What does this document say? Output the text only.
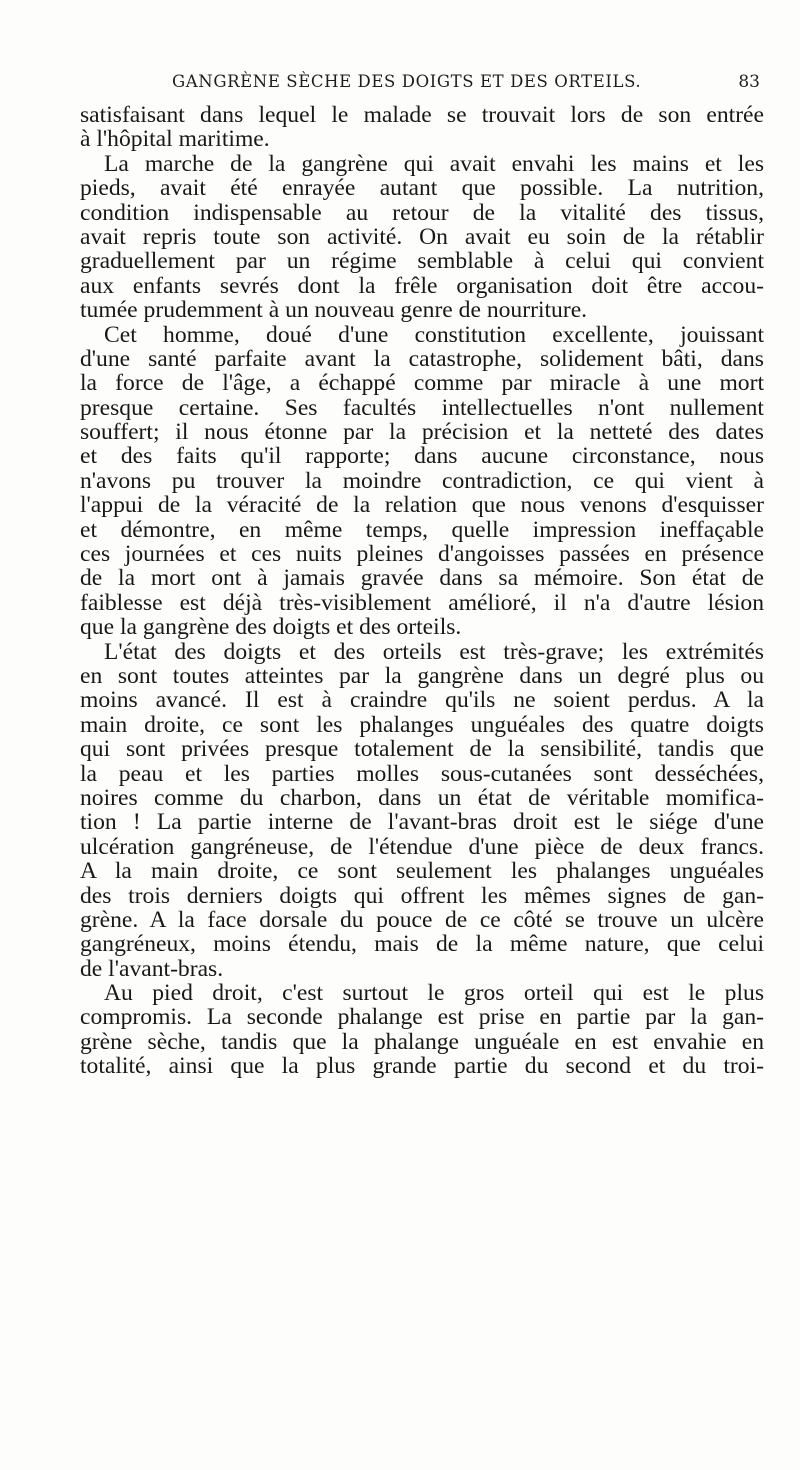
GANGRÈNE SÈCHE DES DOIGTS ET DES ORTEILS.	83
satisfaisant dans lequel le malade se trouvait lors de son entrée
à l'hôpital maritime.
La marche de la gangrène qui avait envahi les mains et les
pieds, avait été enrayée autant que possible. La nutrition,
condition indispensable au retour de la vitalité des tissus,
avait repris toute son activité. On avait eu soin de la rétablir
graduellement par un régime semblable à celui qui convient
aux enfants sevrés dont la frêle organisation doit être accou-
tumée prudemment à un nouveau genre de nourriture.
Cet homme, doué d'une constitution excellente, jouissant
d'une santé parfaite avant la catastrophe, solidement bâti, dans
la force de l'âge, a échappé comme par miracle à une mort
presque certaine. Ses facultés intellectuelles n'ont nullement
souffert; il nous étonne par la précision et la netteté des dates
et des faits qu'il rapporte; dans aucune circonstance, nous
n'avons pu trouver la moindre contradiction, ce qui vient à
l'appui de la véracité de la relation que nous venons d'esquisser
et démontre, en même temps, quelle impression ineffaçable
ces journées et ces nuits pleines d'angoisses passées en présence
de la mort ont à jamais gravée dans sa mémoire. Son état de
faiblesse est déjà très-visiblement amélioré, il n'a d'autre lésion
que la gangrène des doigts et des orteils.
L'état des doigts et des orteils est très-grave; les extrémités
en sont toutes atteintes par la gangrène dans un degré plus ou
moins avancé. Il est à craindre qu'ils ne soient perdus. A la
main droite, ce sont les phalanges unguéales des quatre doigts
qui sont privées presque totalement de la sensibilité, tandis que
la peau et les parties molles sous-cutanées sont desséchées,
noires comme du charbon, dans un état de véritable momifica-
tion ! La partie interne de l'avant-bras droit est le siége d'une
ulcération gangréneuse, de l'étendue d'une pièce de deux francs.
A la main droite, ce sont seulement les phalanges unguéales
des trois derniers doigts qui offrent les mêmes signes de gan-
grène. A la face dorsale du pouce de ce côté se trouve un ulcère
gangréneux, moins étendu, mais de la même nature, que celui
de l'avant-bras.
Au pied droit, c'est surtout le gros orteil qui est le plus
compromis. La seconde phalange est prise en partie par la gan-
grène sèche, tandis que la phalange unguéale en est envahie en
totalité, ainsi que la plus grande partie du second et du troi-
